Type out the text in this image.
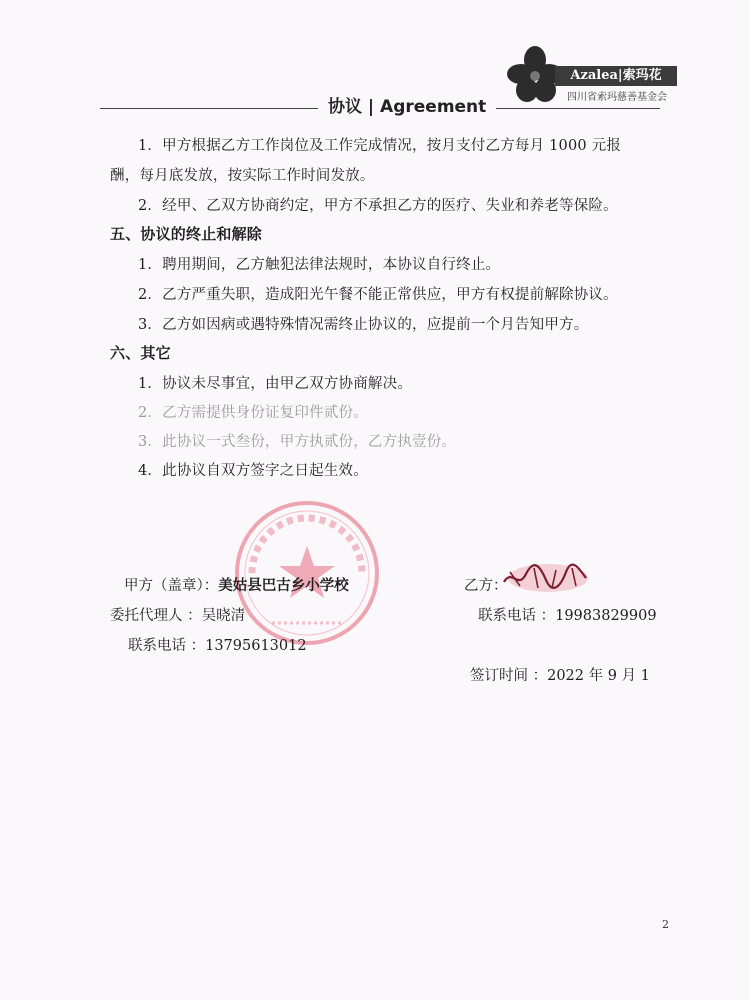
协议 | Agreement
Azalea|索玛花
四川省索玛慈善基金会
1．甲方根据乙方工作岗位及工作完成情况，按月支付乙方每月 1000 元报
酬，每月底发放，按实际工作时间发放。
2．经甲、乙双方协商约定，甲方不承担乙方的医疗、失业和养老等保险。
五、协议的终止和解除
1．聘用期间，乙方触犯法律法规时，本协议自行终止。
2．乙方严重失职，造成阳光午餐不能正常供应，甲方有权提前解除协议。
3．乙方如因病或遇特殊情况需终止协议的，应提前一个月告知甲方。
六、其它
1．协议未尽事宜，由甲乙双方协商解决。
2．乙方需提供身份证复印件贰份。
3．此协议一式叁份，甲方执贰份，乙方执壹份。
4．此协议自双方签字之日起生效。
甲方（盖章）：美姑县巴古乡小学校	乙方：
委托代理人 ：吴晓清	联系电话 ：19983829909
联系电话 ：13795613012
签订时间 ：2022 年 9 月 1
2
